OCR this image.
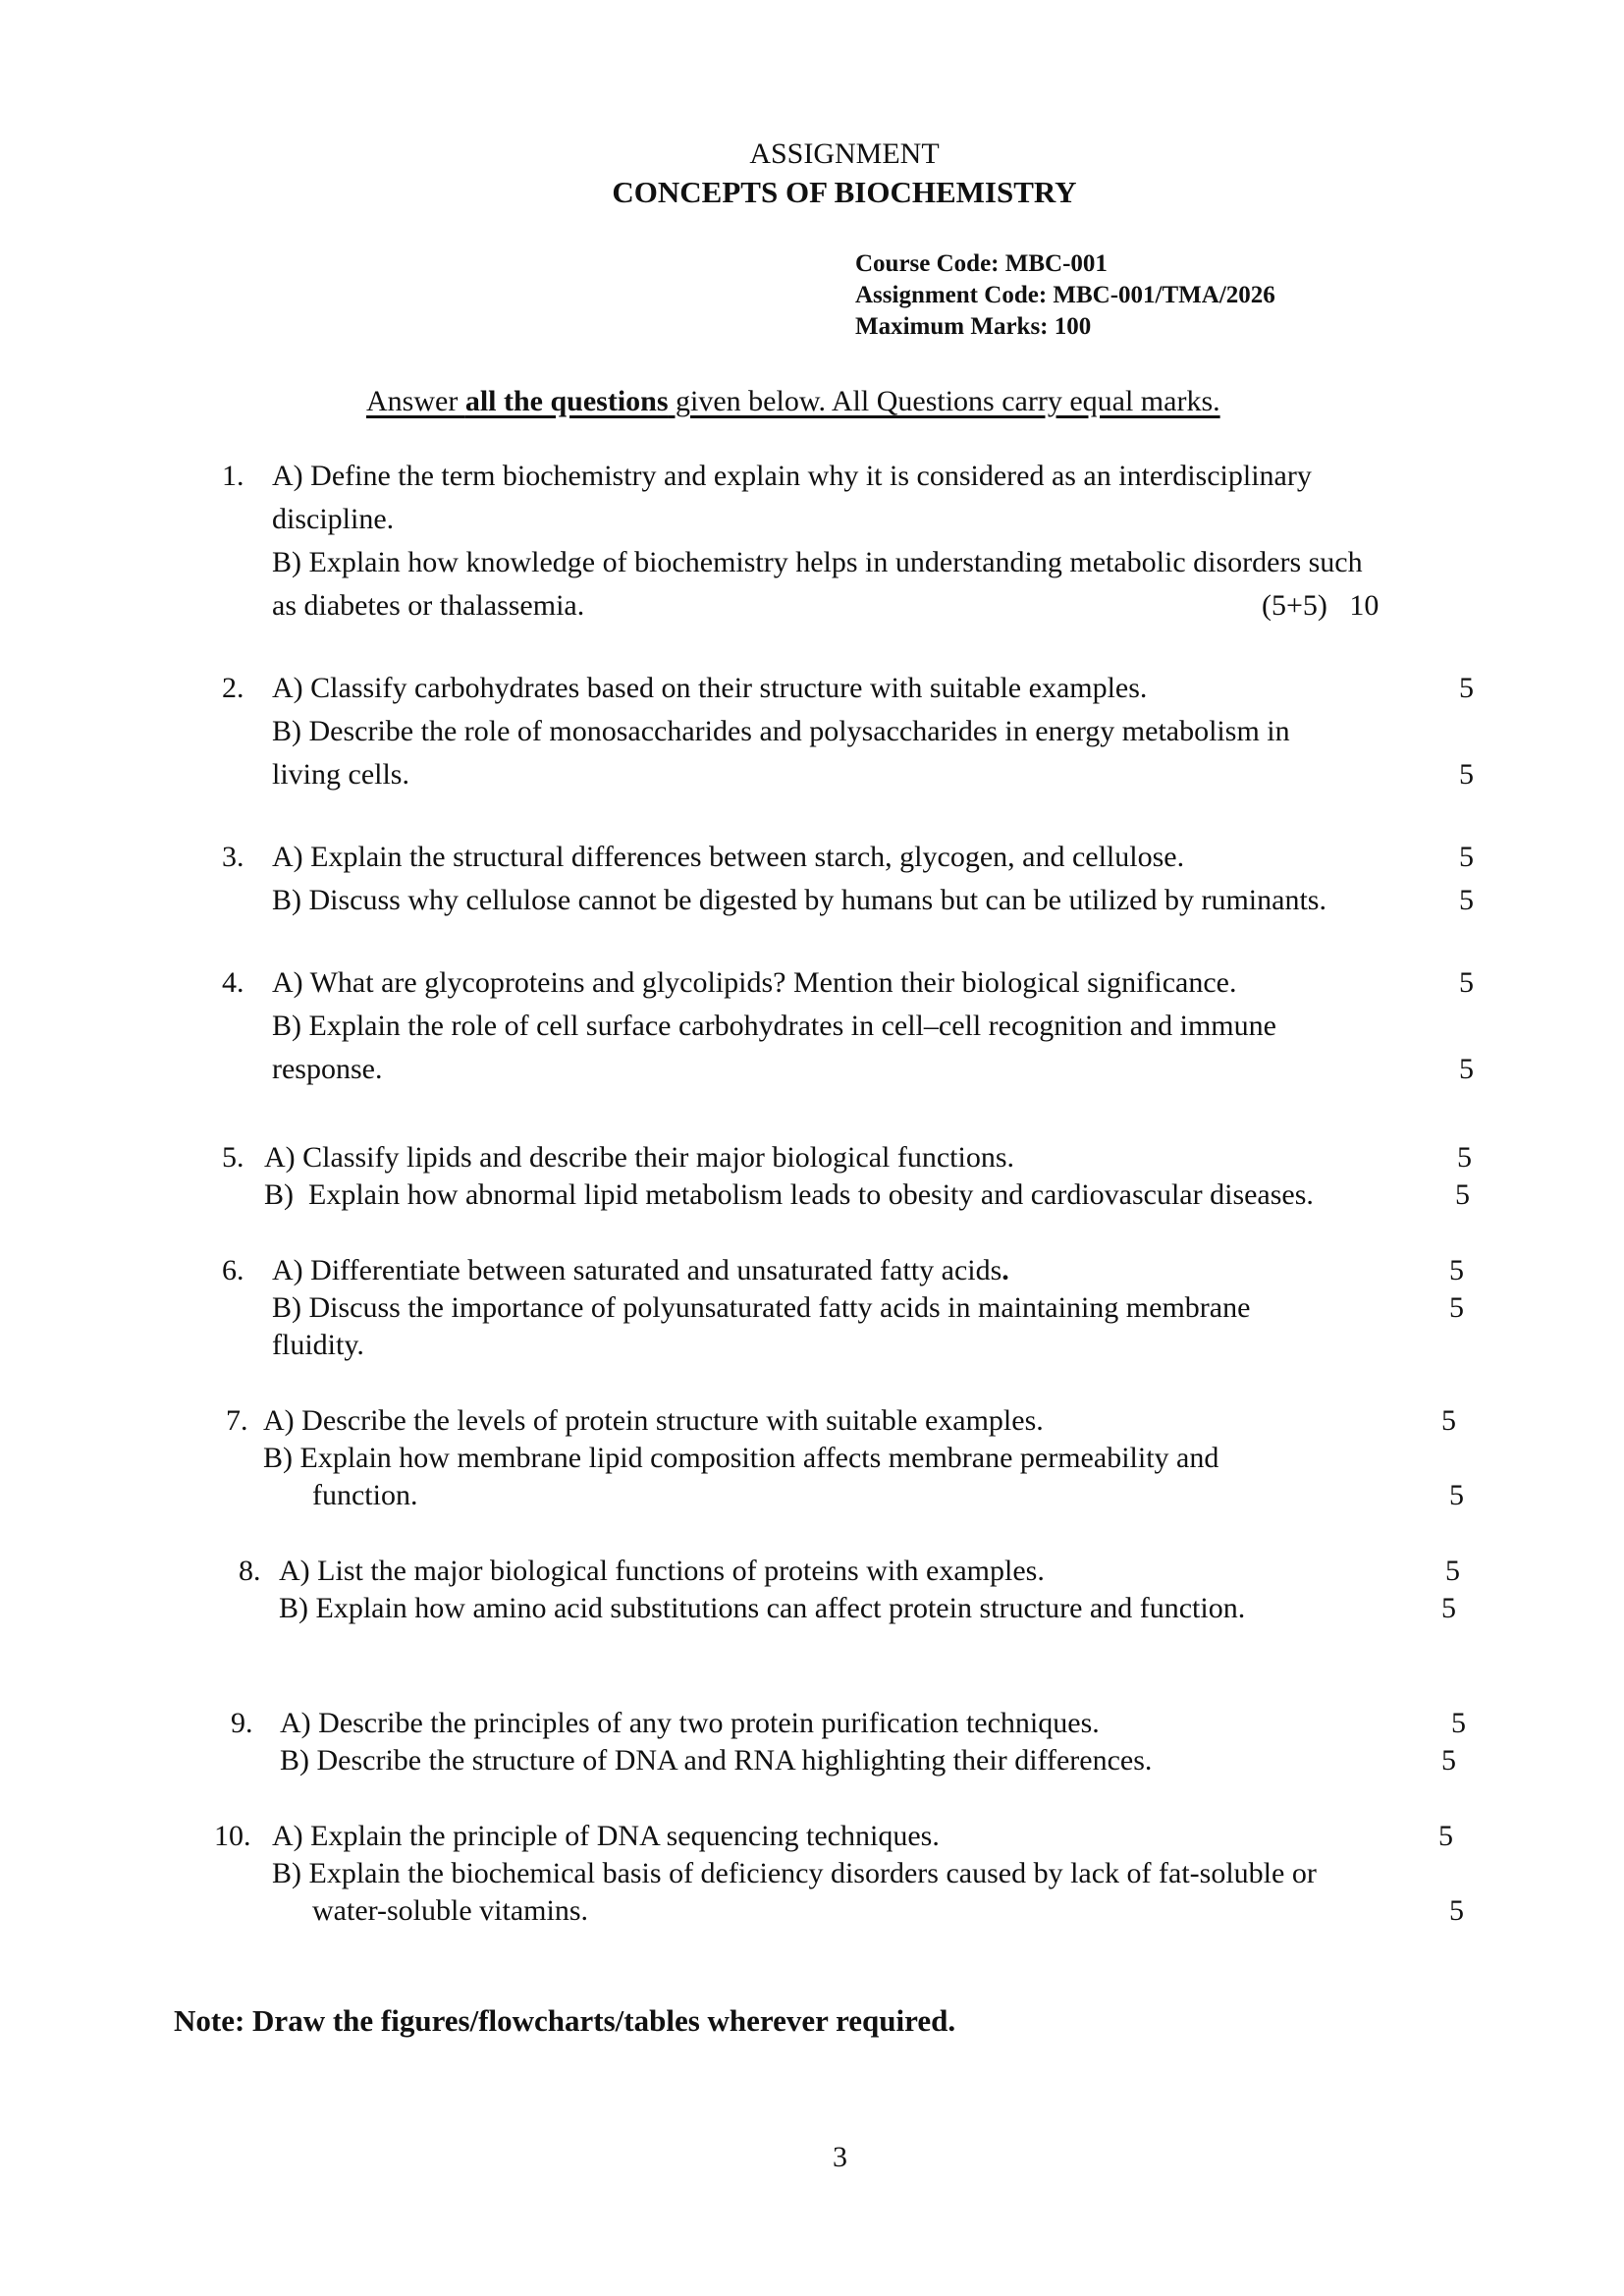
ASSIGNMENT
CONCEPTS OF BIOCHEMISTRY
Course Code: MBC-001
Assignment Code: MBC-001/TMA/2026
Maximum Marks: 100
Answer all the questions given below. All Questions carry equal marks.
1. A) Define the term biochemistry and explain why it is considered as an interdisciplinary
discipline.
B) Explain how knowledge of biochemistry helps in understanding metabolic disorders such
as diabetes or thalassemia.	(5+5)   10
2. A) Classify carbohydrates based on their structure with suitable examples.	5
B) Describe the role of monosaccharides and polysaccharides in energy metabolism in
living cells.	5
3. A) Explain the structural differences between starch, glycogen, and cellulose.	5
B) Discuss why cellulose cannot be digested by humans but can be utilized by ruminants.	5
4. A) What are glycoproteins and glycolipids? Mention their biological significance.	5
B) Explain the role of cell surface carbohydrates in cell–cell recognition and immune
response.	5
5. A) Classify lipids and describe their major biological functions.	5
B)  Explain how abnormal lipid metabolism leads to obesity and cardiovascular diseases.	5
6. A) Differentiate between saturated and unsaturated fatty acids.	5
B) Discuss the importance of polyunsaturated fatty acids in maintaining membrane	5
fluidity.
7. A) Describe the levels of protein structure with suitable examples.	5
B) Explain how membrane lipid composition affects membrane permeability and
function.	5
8. A) List the major biological functions of proteins with examples.	5
B) Explain how amino acid substitutions can affect protein structure and function.	5
9. A) Describe the principles of any two protein purification techniques.	5
B) Describe the structure of DNA and RNA highlighting their differences.	5
10. A) Explain the principle of DNA sequencing techniques.	5
B) Explain the biochemical basis of deficiency disorders caused by lack of fat-soluble or
water-soluble vitamins.	5
Note: Draw the figures/flowcharts/tables wherever required.
3
